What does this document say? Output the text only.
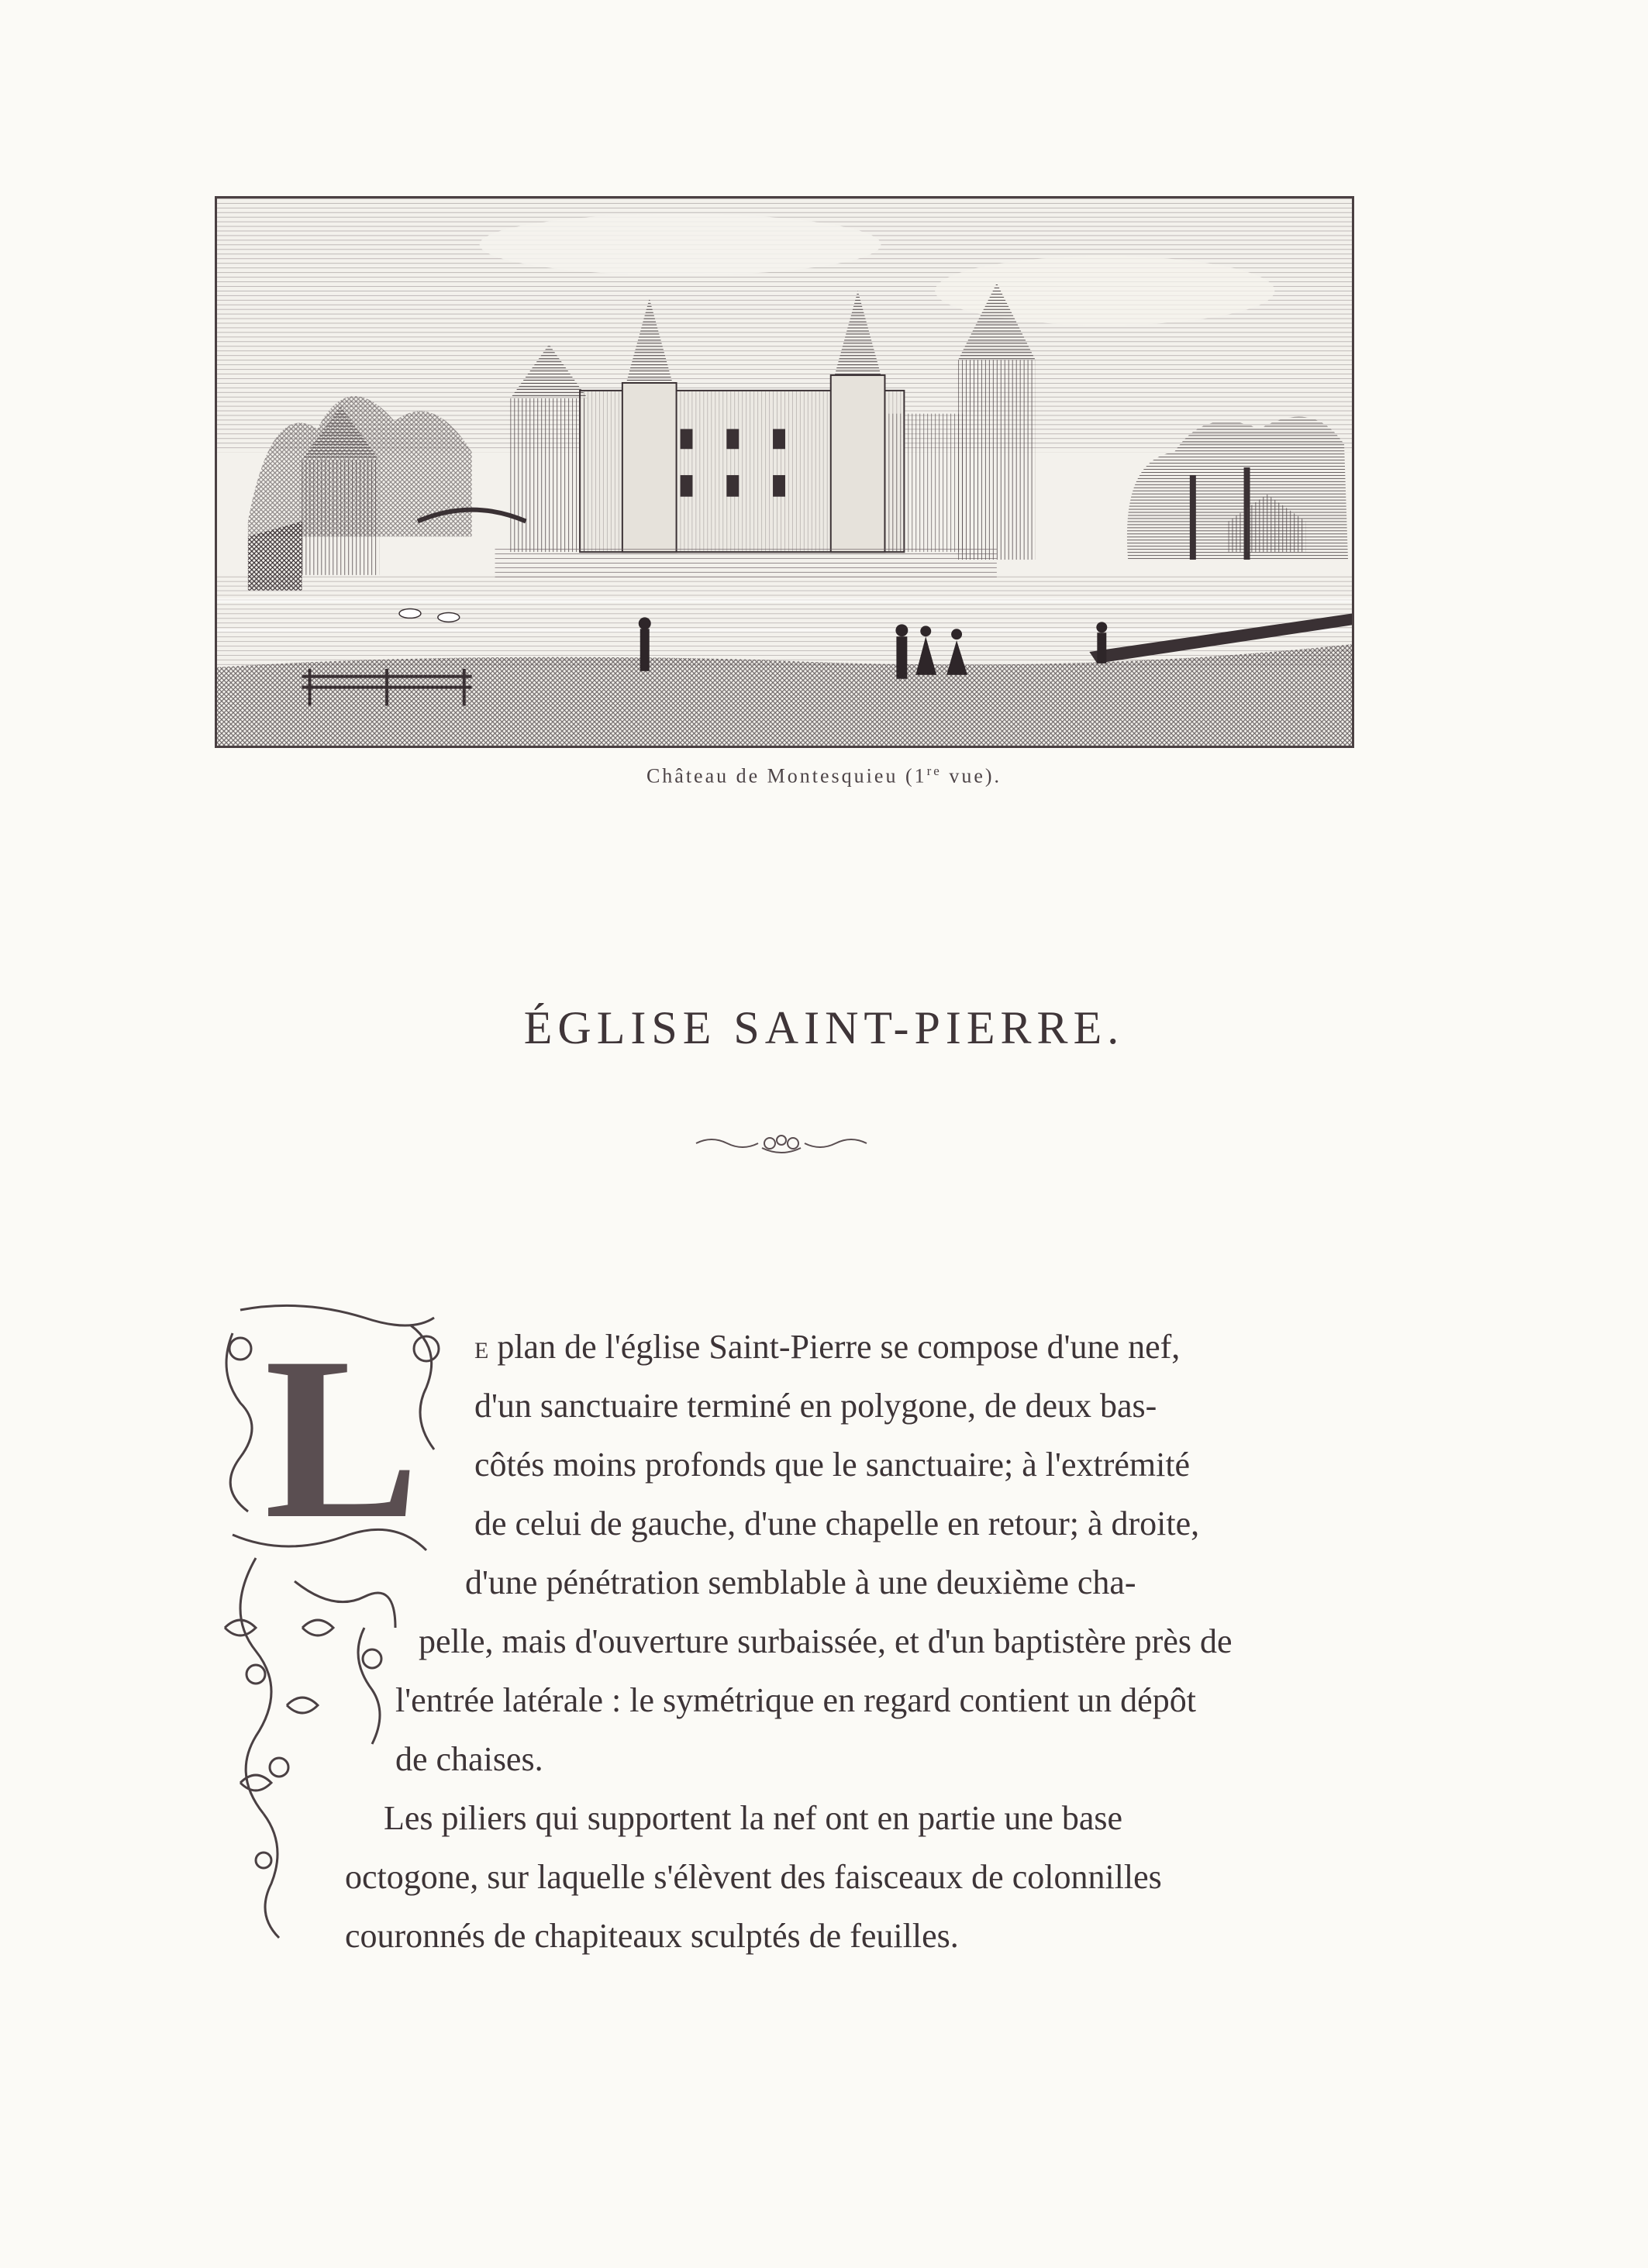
Château de Montesquieu (1re vue).
ÉGLISE SAINT-PIERRE.
L	E plan de l'église Saint-Pierre se compose d'une nef,
d'un sanctuaire terminé en polygone, de deux bas-
côtés moins profonds que le sanctuaire; à l'extrémité
de celui de gauche, d'une chapelle en retour; à droite,
d'une pénétration semblable à une deuxième cha-
pelle, mais d'ouverture surbaissée, et d'un baptistère près de
l'entrée latérale : le symétrique en regard contient un dépôt
de chaises.
Les piliers qui supportent la nef ont en partie une base
octogone, sur laquelle s'élèvent des faisceaux de colonnilles
couronnés de chapiteaux sculptés de feuilles.
